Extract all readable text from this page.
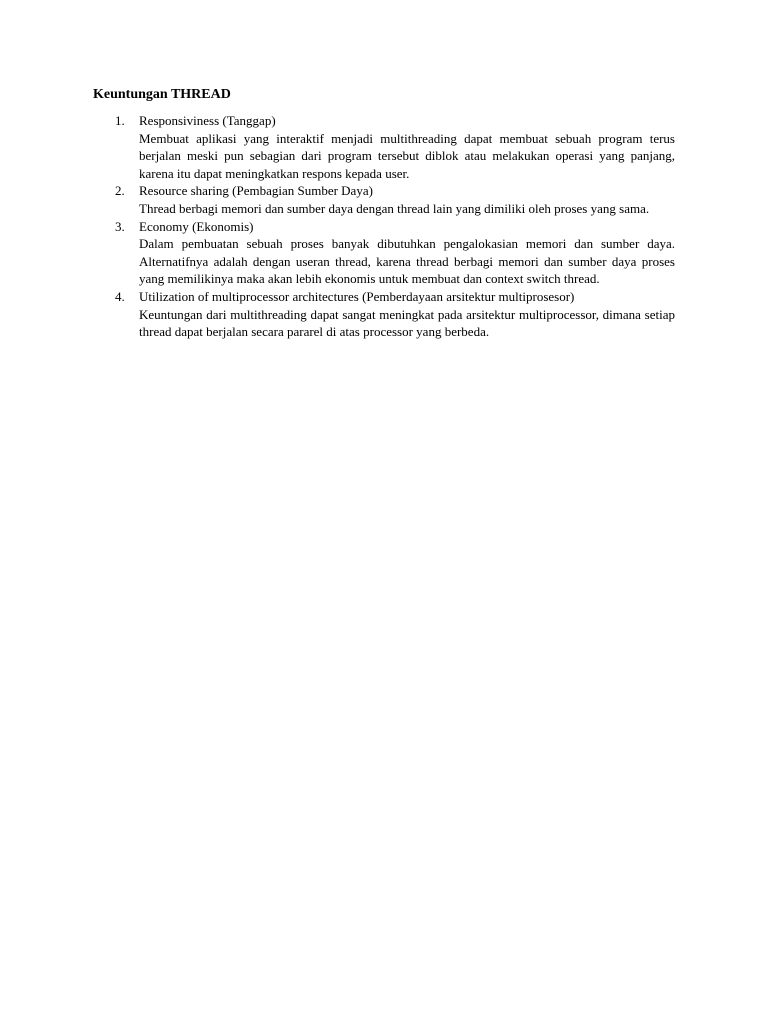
Keuntungan THREAD
1. Responsiviness (Tanggap)
Membuat aplikasi yang interaktif menjadi multithreading dapat membuat sebuah program terus berjalan meski pun sebagian dari program tersebut diblok atau melakukan operasi yang panjang, karena itu dapat meningkatkan respons kepada user.
2. Resource sharing (Pembagian Sumber Daya)
Thread berbagi memori dan sumber daya dengan thread lain yang dimiliki oleh proses yang sama.
3. Economy (Ekonomis)
Dalam pembuatan sebuah proses banyak dibutuhkan pengalokasian memori dan sumber daya. Alternatifnya adalah dengan useran thread, karena thread berbagi memori dan sumber daya proses yang memilikinya maka akan lebih ekonomis untuk membuat dan context switch thread.
4. Utilization of multiprocessor architectures (Pemberdayaan arsitektur multiprosesor)
Keuntungan dari multithreading dapat sangat meningkat pada arsitektur multiprocessor, dimana setiap thread dapat berjalan secara pararel di atas processor yang berbeda.
